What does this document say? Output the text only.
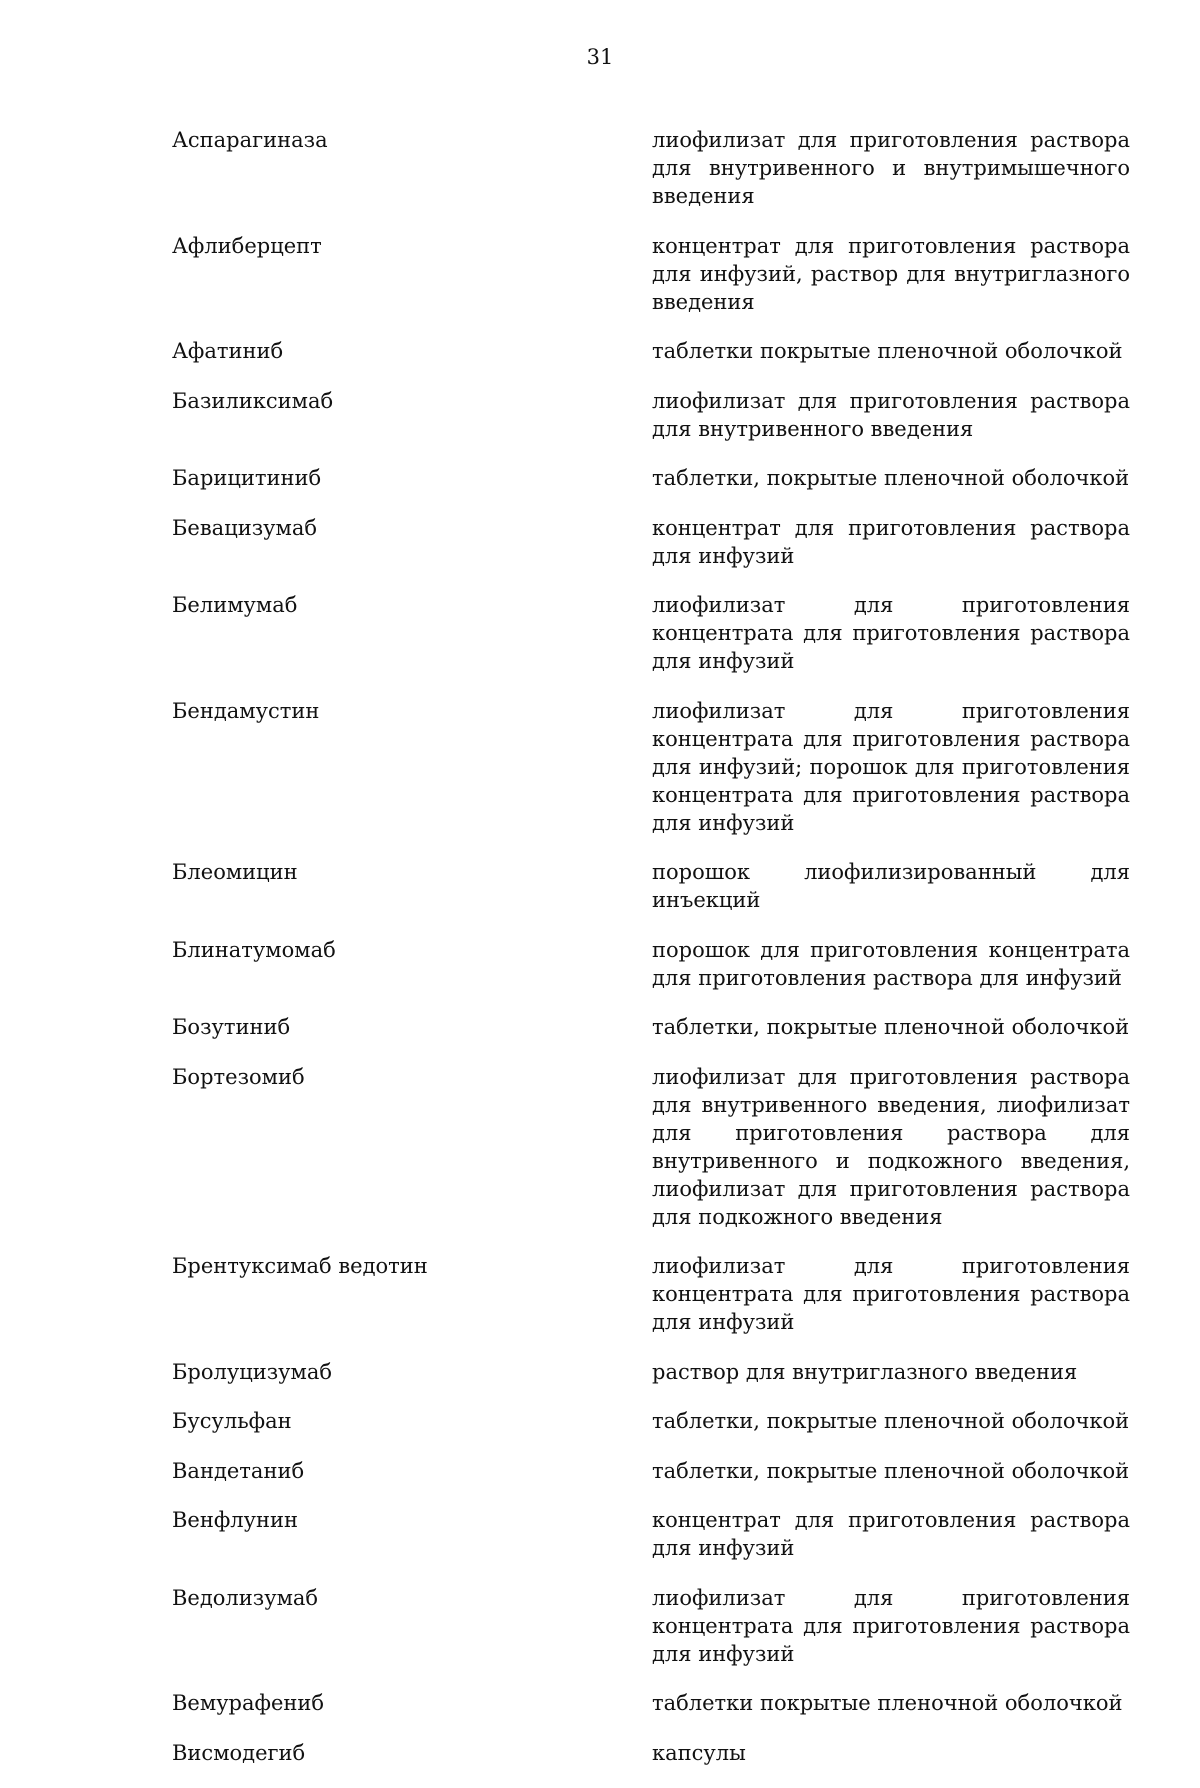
31
Аспарагиназа	лиофилизат для приготовления раствора для внутривенного и внутримышечного введения
Афлиберцепт	концентрат для приготовления раствора для инфузий, раствор для внутриглазного введения
Афатиниб	таблетки покрытые пленочной оболочкой
Базиликсимаб	лиофилизат для приготовления раствора для внутривенного введения
Барицитиниб	таблетки, покрытые пленочной оболочкой
Бевацизумаб	концентрат для приготовления раствора для инфузий
Белимумаб	лиофилизат для приготовления концентрата для приготовления раствора для инфузий
Бендамустин	лиофилизат для приготовления концентрата для приготовления раствора для инфузий; порошок для приготовления концентрата для приготовления раствора для инфузий
Блеомицин	порошок лиофилизированный для инъекций
Блинатумомаб	порошок для приготовления концентрата для приготовления раствора для инфузий
Бозутиниб	таблетки, покрытые пленочной оболочкой
Бортезомиб	лиофилизат для приготовления раствора для внутривенного введения, лиофилизат для приготовления раствора для внутривенного и подкожного введения, лиофилизат для приготовления раствора для подкожного введения
Брентуксимаб ведотин	лиофилизат для приготовления концентрата для приготовления раствора для инфузий
Бролуцизумаб	раствор для внутриглазного введения
Бусульфан	таблетки, покрытые пленочной оболочкой
Вандетаниб	таблетки, покрытые пленочной оболочкой
Венфлунин	концентрат для приготовления раствора для инфузий
Ведолизумаб	лиофилизат для приготовления концентрата для приготовления раствора для инфузий
Вемурафениб	таблетки покрытые пленочной оболочкой
Висмодегиб	капсулы
